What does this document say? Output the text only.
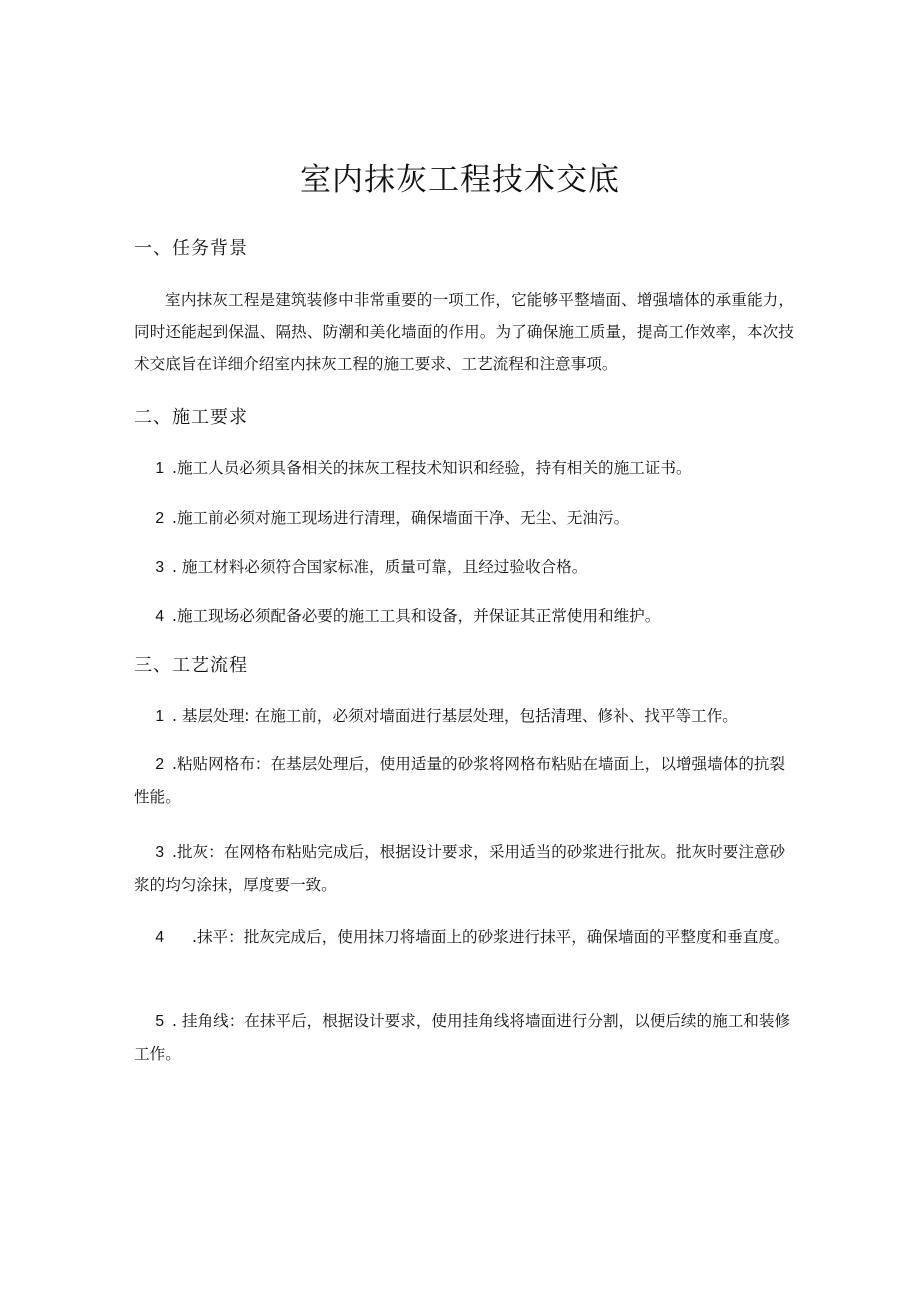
室内抹灰工程技术交底
一、任务背景

室内抹灰工程是建筑装修中非常重要的一项工作，它能够平整墙面、增强墙体的承重能力，同时还能起到保温、隔热、防潮和美化墙面的作用。为了确保施工质量，提高工作效率，本次技术交底旨在详细介绍室内抹灰工程的施工要求、工艺流程和注意事项。

二、施工要求

1 .施工人员必须具备相关的抹灰工程技术知识和经验，持有相关的施工证书。

2 .施工前必须对施工现场进行清理，确保墙面干净、无尘、无油污。

3 . 施工材料必须符合国家标准，质量可靠，且经过验收合格。

4 .施工现场必须配备必要的施工工具和设备，并保证其正常使用和维护。

三、工艺流程

1 . 基层处理: 在施工前，必须对墙面进行基层处理，包括清理、修补、找平等工作。

2 .粘贴网格布：在基层处理后，使用适量的砂浆将网格布粘贴在墙面上，以增强墙体的抗裂性能。

3 .批灰：在网格布粘贴完成后，根据设计要求，采用适当的砂浆进行批灰。批灰时要注意砂浆的均匀涂抹，厚度要一致。

4 .抹平：批灰完成后，使用抹刀将墙面上的砂浆进行抹平，确保墙面的平整度和垂直度。

5 . 挂角线：在抹平后，根据设计要求，使用挂角线将墙面进行分割，以便后续的施工和装修工作。
